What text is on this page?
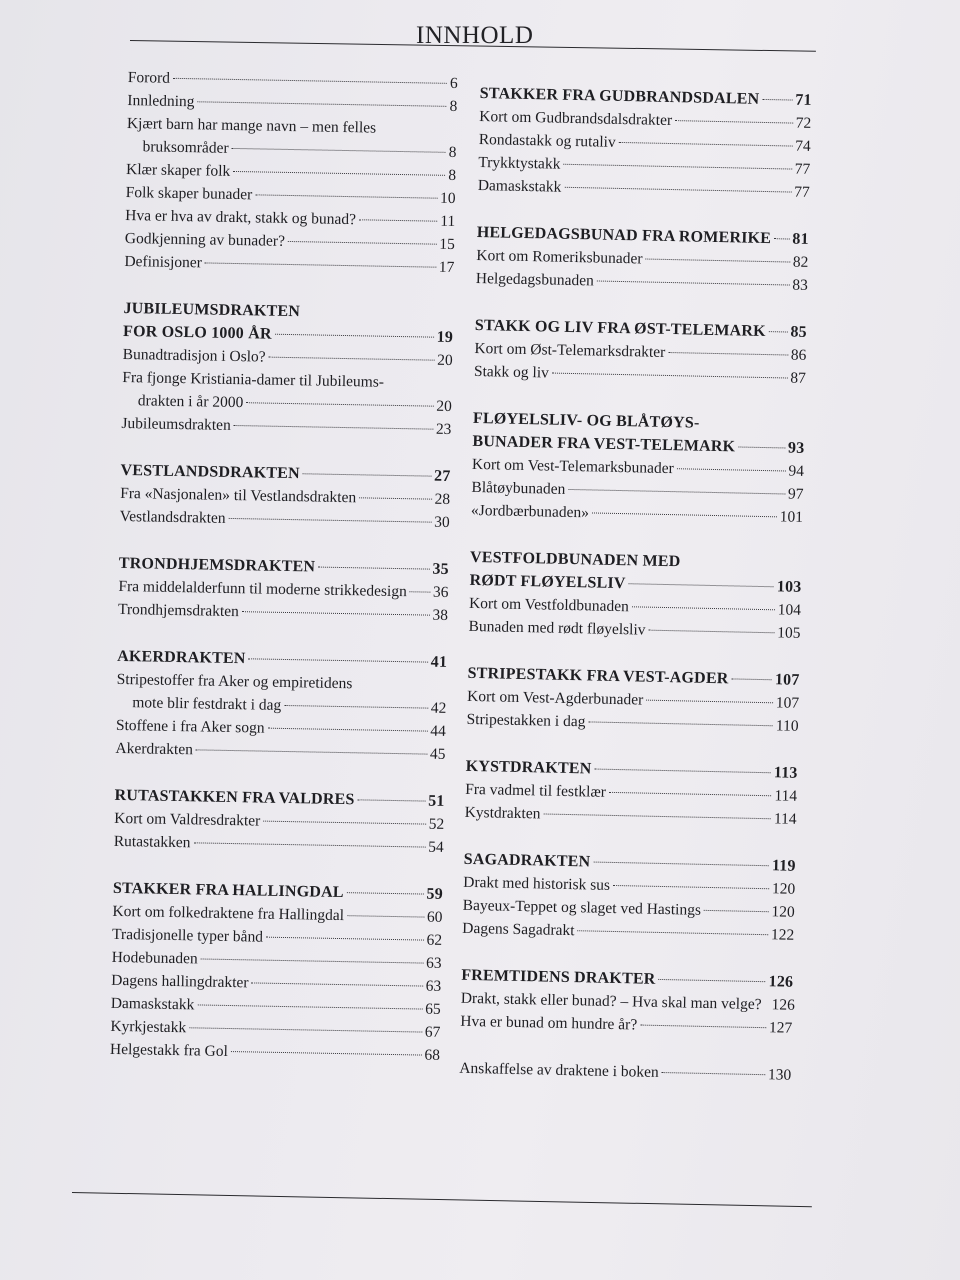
INNHOLD
Forord	6
Innledning	8
Kjært barn har mange navn – men felles
bruksområder	8
Klær skaper folk	8
Folk skaper bunader	10
Hva er hva av drakt, stakk og bunad?	11
Godkjenning av bunader?	15
Definisjoner	17
JUBILEUMSDRAKTEN
FOR OSLO 1000 ÅR	19
Bunadtradisjon i Oslo?	20
Fra fjonge Kristiania-damer til Jubileums-
drakten i år 2000	20
Jubileumsdrakten	23
VESTLANDSDRAKTEN	27
Fra «Nasjonalen» til Vestlandsdrakten	28
Vestlandsdrakten	30
TRONDHJEMSDRAKTEN	35
Fra middelalderfunn til moderne strikkedesign 36
Trondhjemsdrakten	38
AKERDRAKTEN	41
Stripestoffer fra Aker og empiretidens
mote blir festdrakt i dag	42
Stoffene i fra Aker sogn	44
Akerdrakten	45
RUTASTAKKEN FRA VALDRES	51
Kort om Valdresdrakter	52
Rutastakken	54
STAKKER FRA HALLINGDAL	59
Kort om folkedraktene fra Hallingdal	60
Tradisjonelle typer bånd	62
Hodebunaden	63
Dagens hallingdrakter	63
Damaskstakk	65
Kyrkjestakk	67
Helgestakk fra Gol	68
STAKKER FRA GUDBRANDSDALEN 71
Kort om Gudbrandsdalsdrakter	72
Rondastakk og rutaliv	74
Trykktystakk	77
Damaskstakk	77
HELGEDAGSBUNAD FRA ROMERIKE 81
Kort om Romeriksbunader	82
Helgedagsbunaden	83
STAKK OG LIV FRA ØST-TELEMARK 85
Kort om Øst-Telemarksdrakter	86
Stakk og liv	87
FLØYELSLIV- OG BLÅTØYS-
BUNADER FRA VEST-TELEMARK	93
Kort om Vest-Telemarksbunader	94
Blåtøybunaden	97
«Jordbærbunaden»	101
VESTFOLDBUNADEN MED
RØDT FLØYELSLIV	103
Kort om Vestfoldbunaden	104
Bunaden med rødt fløyelsliv	105
STRIPESTAKK FRA VEST-AGDER	107
Kort om Vest-Agderbunader	107
Stripestakken i dag	110
KYSTDRAKTEN	113
Fra vadmel til festklær	114
Kystdrakten	114
SAGADRAKTEN	119
Drakt med historisk sus	120
Bayeux-Teppet og slaget ved Hastings	120
Dagens Sagadrakt	122
FREMTIDENS DRAKTER	126
Drakt, stakk eller bunad? – Hva skal man velge? 126
Hva er bunad om hundre år?	127
Anskaffelse av draktene i boken	130
